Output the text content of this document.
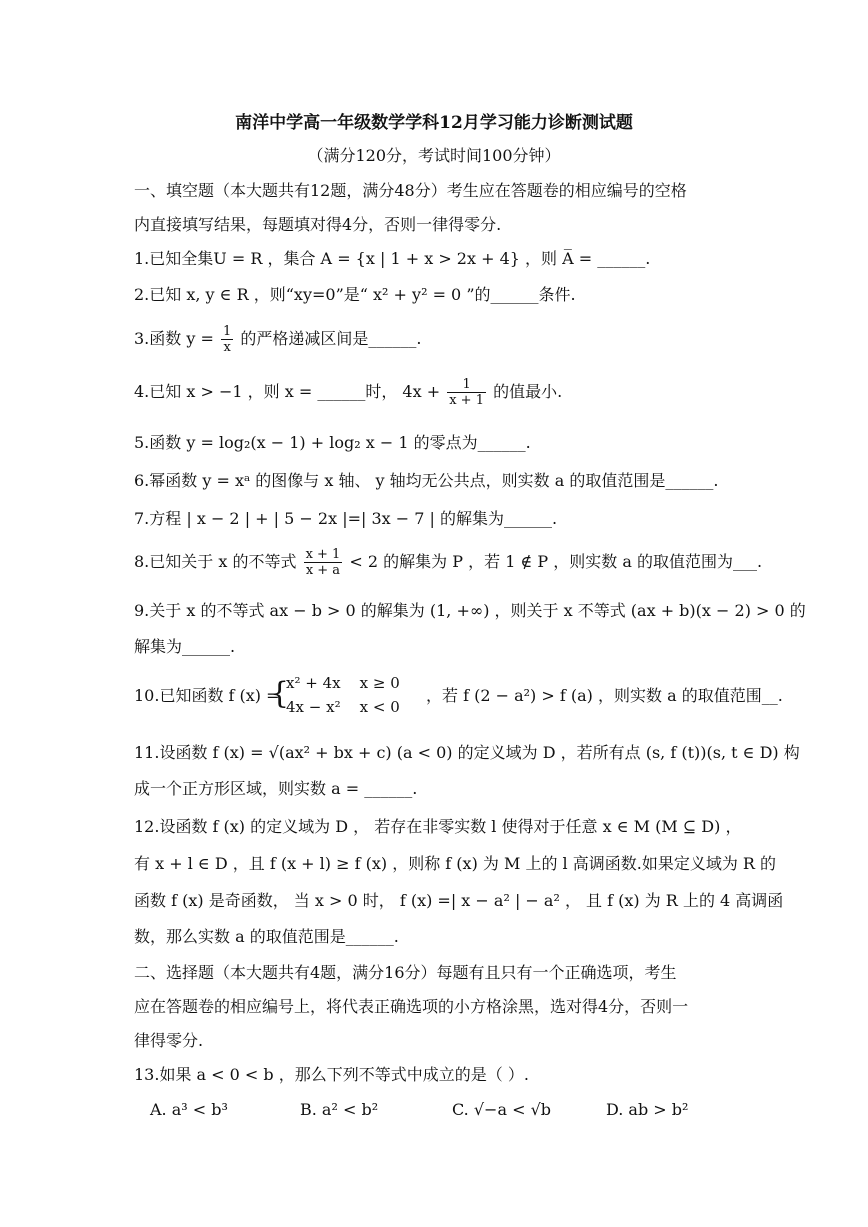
南洋中学高一年级数学学科12月学习能力诊断测试题
（满分120分，考试时间100分钟）
一、填空题（本大题共有12题，满分48分）考生应在答题卷的相应编号的空格
内直接填写结果，每题填对得4分，否则一律得零分.
1.已知全集U = R ，集合 A = {x | 1 + x > 2x + 4} ，则 A̅ = ______.
2.已知 x, y ∈ R ，则“xy=0”是“ x² + y² = 0 ”的______条件.
3.函数 $y = \frac{1}{x}$ 的严格递减区间是______.
4.已知 x > −1 ，则 x = ______时， $4x + \frac{1}{x + 1}$ 的值最小.
5.函数 y = log₂(x − 1) + log₂ x − 1 的零点为______.
6.幂函数 y = xᵃ 的图像与 x 轴、 y 轴均无公共点，则实数 a 的取值范围是______.
7.方程 | x − 2 | + | 5 − 2x |=| 3x − 7 | 的解集为______.
8.已知关于 x 的不等式 $\frac{x + 1}{x + a} < 2$ 的解集为 P ，若 1 ∉ P ，则实数 a 的取值范围为___.
9.关于 x 的不等式 ax − b > 0 的解集为 (1, +∞) ，则关于 x 不等式 (ax + b)(x − 2) > 0 的
解集为______.
10.已知函数 f (x) =
{
x² + 4x    x ≥ 0
4x − x²    x < 0
，若 f (2 − a²) > f (a) ，则实数 a 的取值范围__.
11.设函数 f (x) = √(ax² + bx + c) (a < 0) 的定义域为 D ，若所有点 (s, f (t))(s, t ∈ D) 构
成一个正方形区域，则实数 a = ______.
12.设函数 f (x) 的定义域为 D ， 若存在非零实数 l 使得对于任意 x ∈ M (M ⊆ D) ，
有 x + l ∈ D ，且 f (x + l) ≥ f (x) ，则称 f (x) 为 M 上的 l 高调函数.如果定义域为 R 的
函数 f (x) 是奇函数， 当 x > 0 时， f (x) =| x − a² | − a² ， 且 f (x) 为 R 上的 4 高调函
数，那么实数 a 的取值范围是______.
二、选择题（本大题共有4题，满分16分）每题有且只有一个正确选项，考生
应在答题卷的相应编号上，将代表正确选项的小方格涂黑，选对得4分，否则一
律得零分.
13.如果 a < 0 < b ，那么下列不等式中成立的是（ ）.
A. a³ < b³	B. a² < b²	C. √−a < √b	D. ab > b²
